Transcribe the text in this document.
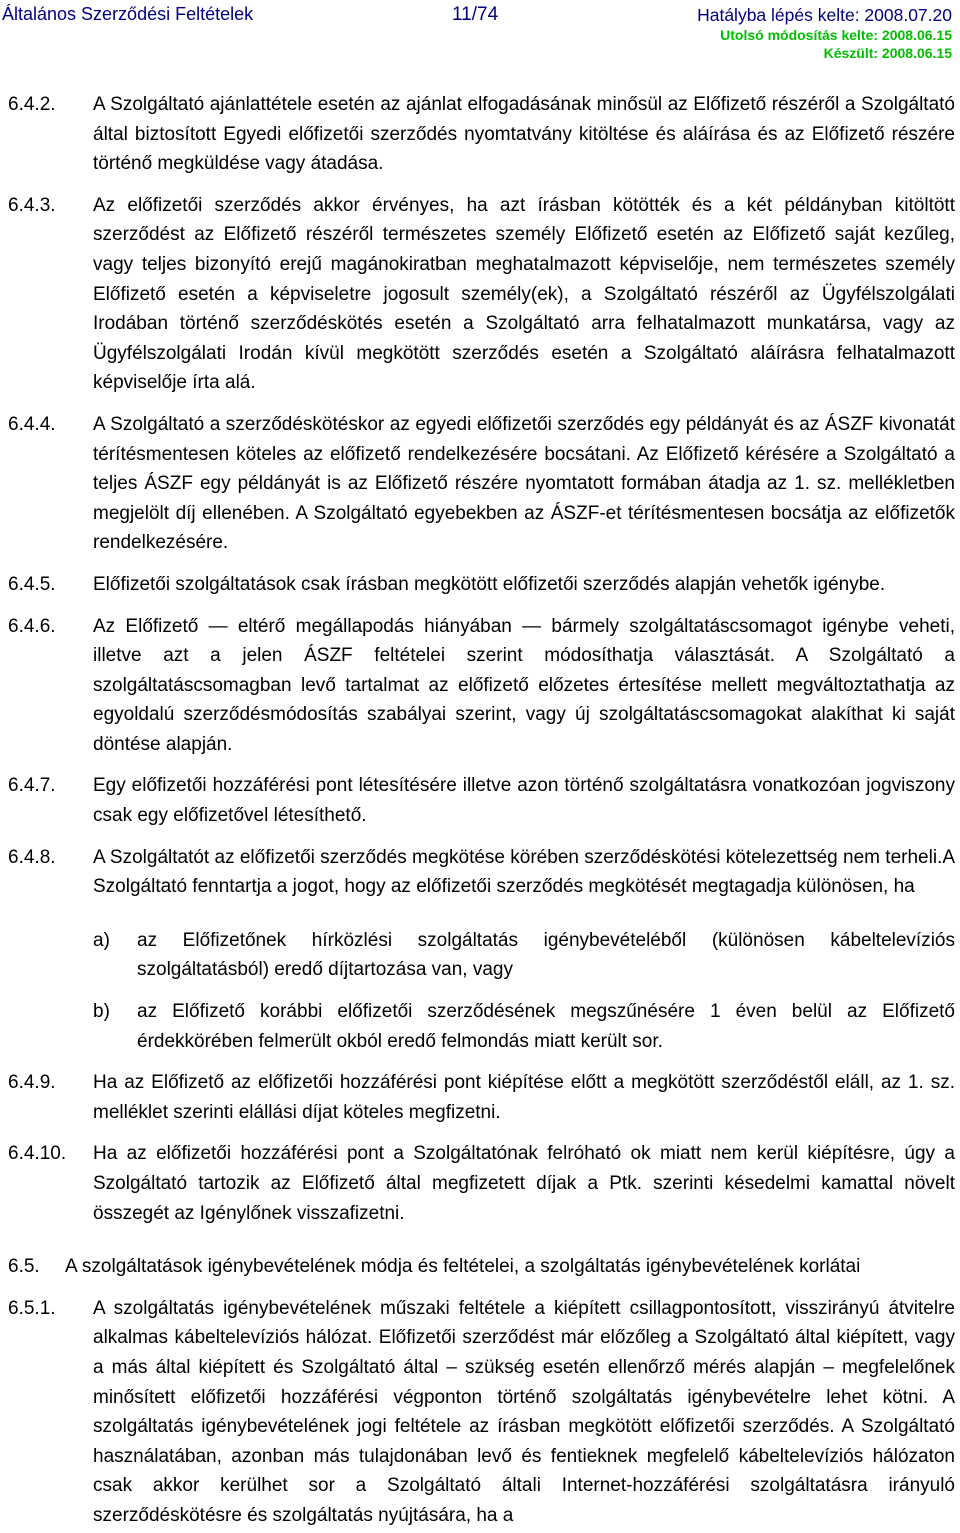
Általános Szerződési Feltételek	11/74	Hatályba lépés kelte: 2008.07.20
Utolsó módosítás kelte: 2008.06.15
Készült: 2008.06.15
6.4.2. A Szolgáltató ajánlattétele esetén az ajánlat elfogadásának minősül az Előfizető részéről a Szolgáltató által biztosított Egyedi előfizetői szerződés nyomtatvány kitöltése és aláírása és az Előfizető részére történő megküldése vagy átadása.
6.4.3. Az előfizetői szerződés akkor érvényes, ha azt írásban kötötték és a két példányban kitöltött szerződést az Előfizető részéről természetes személy Előfizető esetén az Előfizető saját kezűleg, vagy teljes bizonyító erejű magánokiratban meghatalmazott képviselője, nem természetes személy Előfizető esetén a képviseletre jogosult személy(ek), a Szolgáltató részéről az Ügyfélszolgálati Irodában történő szerződéskötés esetén a Szolgáltató arra felhatalmazott munkatársa, vagy az Ügyfélszolgálati Irodán kívül megkötött szerződés esetén a Szolgáltató aláírásra felhatalmazott képviselője írta alá.
6.4.4. A Szolgáltató a szerződéskötéskor az egyedi előfizetői szerződés egy példányát és az ÁSZF kivonatát térítésmentesen köteles az előfizető rendelkezésére bocsátani. Az Előfizető kérésére a Szolgáltató a teljes ÁSZF egy példányát is az Előfizető részére nyomtatott formában átadja az 1. sz. mellékletben megjelölt díj ellenében. A Szolgáltató egyebekben az ÁSZF-et térítésmentesen bocsátja az előfizetők rendelkezésére.
6.4.5. Előfizetői szolgáltatások csak írásban megkötött előfizetői szerződés alapján vehetők igénybe.
6.4.6. Az Előfizető — eltérő megállapodás hiányában — bármely szolgáltatáscsomagot igénybe veheti, illetve azt a jelen ÁSZF feltételei szerint módosíthatja választását. A Szolgáltató a szolgáltatáscsomagban levő tartalmat az előfizető előzetes értesítése mellett megváltoztathatja az egyoldalú szerződésmódosítás szabályai szerint, vagy új szolgáltatáscsomagokat alakíthat ki saját döntése alapján.
6.4.7. Egy előfizetői hozzáférési pont létesítésére illetve azon történő szolgáltatásra vonatkozóan jogviszony csak egy előfizetővel létesíthető.
6.4.8. A Szolgáltatót az előfizetői szerződés megkötése körében szerződéskötési kötelezettség nem terheli.A Szolgáltató fenntartja a jogot, hogy az előfizetői szerződés megkötését megtagadja különösen, ha
a) az Előfizetőnek hírközlési szolgáltatás igénybevételéből (különösen kábeltelevíziós szolgáltatásból) eredő díjtartozása van, vagy
b) az Előfizető korábbi előfizetői szerződésének megszűnésére 1 éven belül az Előfizető érdekkörében felmerült okból eredő felmondás miatt került sor.
6.4.9. Ha az Előfizető az előfizetői hozzáférési pont kiépítése előtt a megkötött szerződéstől eláll, az 1. sz. melléklet szerinti elállási díjat köteles megfizetni.
6.4.10. Ha az előfizetői hozzáférési pont a Szolgáltatónak felróható ok miatt nem kerül kiépítésre, úgy a Szolgáltató tartozik az Előfizető által megfizetett díjak a Ptk. szerinti késedelmi kamattal növelt összegét az Igénylőnek visszafizetni.
6.5. A szolgáltatások igénybevételének módja és feltételei, a szolgáltatás igénybevételének korlátai
6.5.1. A szolgáltatás igénybevételének műszaki feltétele a kiépített csillagpontosított, visszirányú átvitelre alkalmas kábeltelevíziós hálózat. Előfizetői szerződést már előzőleg a Szolgáltató által kiépített, vagy a más által kiépített és Szolgáltató által – szükség esetén ellenőrző mérés alapján – megfelelőnek minősített előfizetői hozzáférési végponton történő szolgáltatás igénybevételre lehet kötni. A szolgáltatás igénybevételének jogi feltétele az írásban megkötött előfizetői szerződés. A Szolgáltató használatában, azonban más tulajdonában levő és fentieknek megfelelő kábeltelevíziós hálózaton csak akkor kerülhet sor a Szolgáltató általi Internet-hozzáférési szolgáltatásra irányuló szerződéskötésre és szolgáltatás nyújtására, ha a
